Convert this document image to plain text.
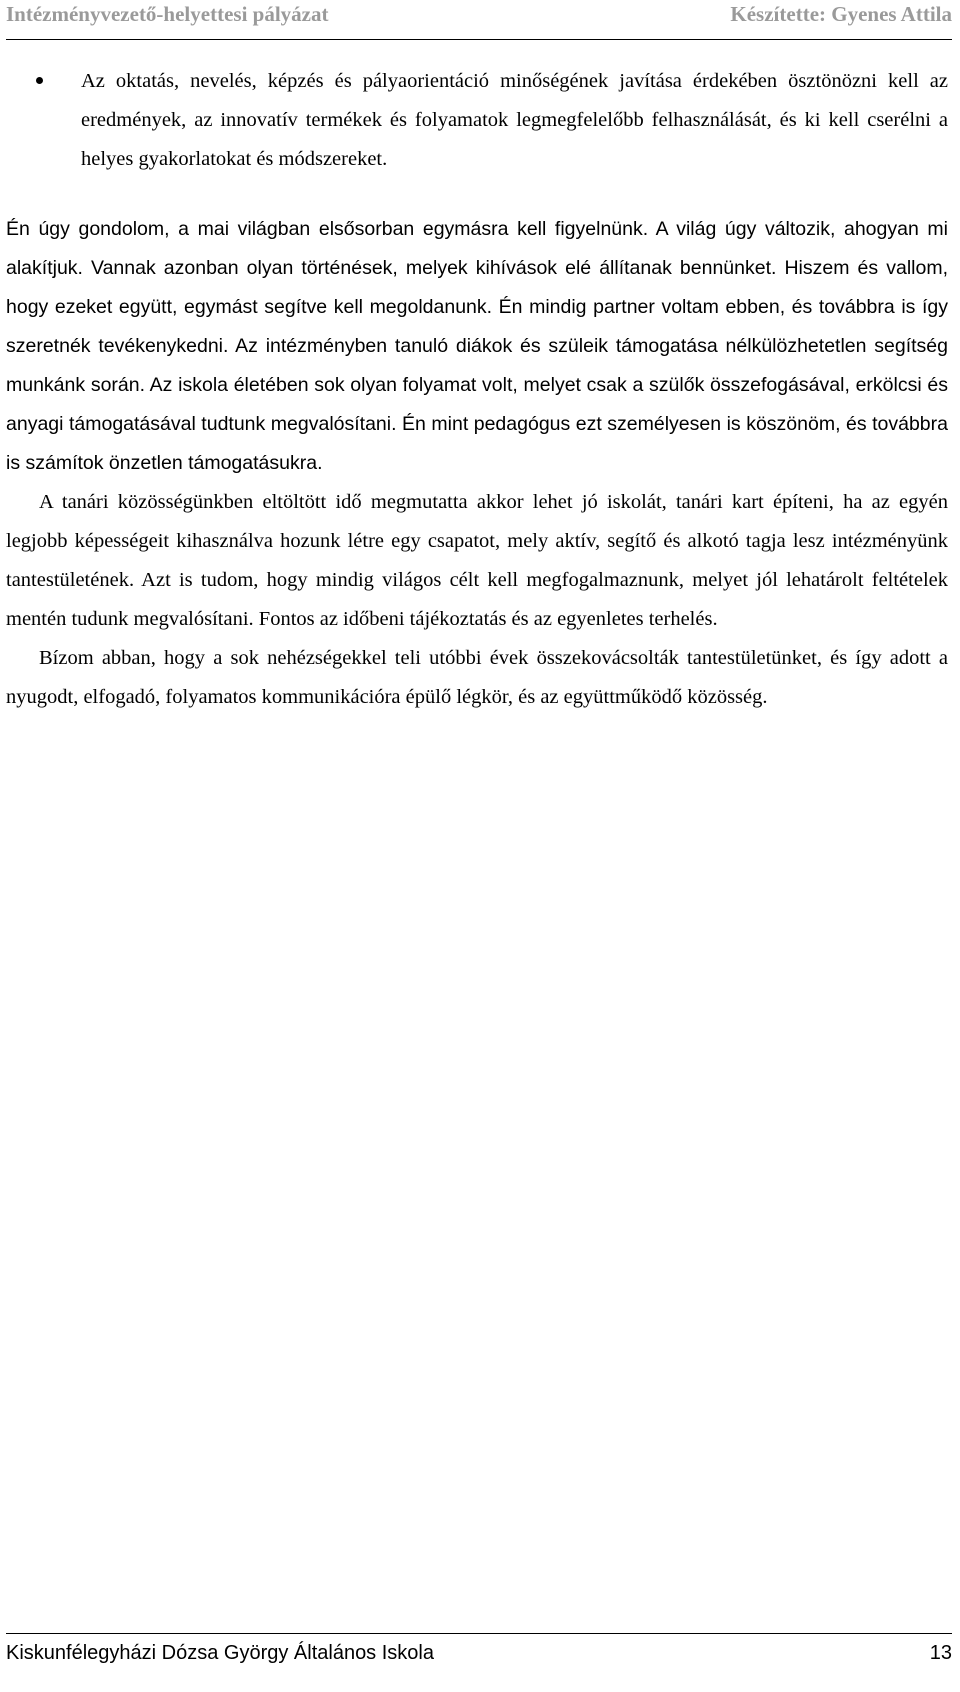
Intézményvezető-helyettesi pályázat	Készítette: Gyenes Attila
Az oktatás, nevelés, képzés és pályaorientáció minőségének javítása érdekében ösztönözni kell az eredmények, az innovatív termékek és folyamatok legmegfelelőbb felhasználását, és ki kell cserélni a helyes gyakorlatokat és módszereket.

Én úgy gondolom, a mai világban elsősorban egymásra kell figyelnünk. A világ úgy változik, ahogyan mi alakítjuk. Vannak azonban olyan történések, melyek kihívások elé állítanak bennünket. Hiszem és vallom, hogy ezeket együtt, egymást segítve kell megoldanunk. Én mindig partner voltam ebben, és továbbra is így szeretnék tevékenykedni. Az intézményben tanuló diákok és szüleik támogatása nélkülözhetetlen segítség munkánk során. Az iskola életében sok olyan folyamat volt, melyet csak a szülők összefogásával, erkölcsi és anyagi támogatásával tudtunk megvalósítani. Én mint pedagógus ezt személyesen is köszönöm, és továbbra is számítok önzetlen támogatásukra.

A tanári közösségünkben eltöltött idő megmutatta akkor lehet jó iskolát, tanári kart építeni, ha az egyén legjobb képességeit kihasználva hozunk létre egy csapatot, mely aktív, segítő és alkotó tagja lesz intézményünk tantestületének. Azt is tudom, hogy mindig világos célt kell megfogalmaznunk, melyet jól lehatárolt feltételek mentén tudunk megvalósítani. Fontos az időbeni tájékoztatás és az egyenletes terhelés.

Bízom abban, hogy a sok nehézségekkel teli utóbbi évek összekovácsolták tantestületünket, és így adott a nyugodt, elfogadó, folyamatos kommunikációra épülő légkör, és az együttműködő közösség.

Kiskunfélegyházi Dózsa György Általános Iskola	13
